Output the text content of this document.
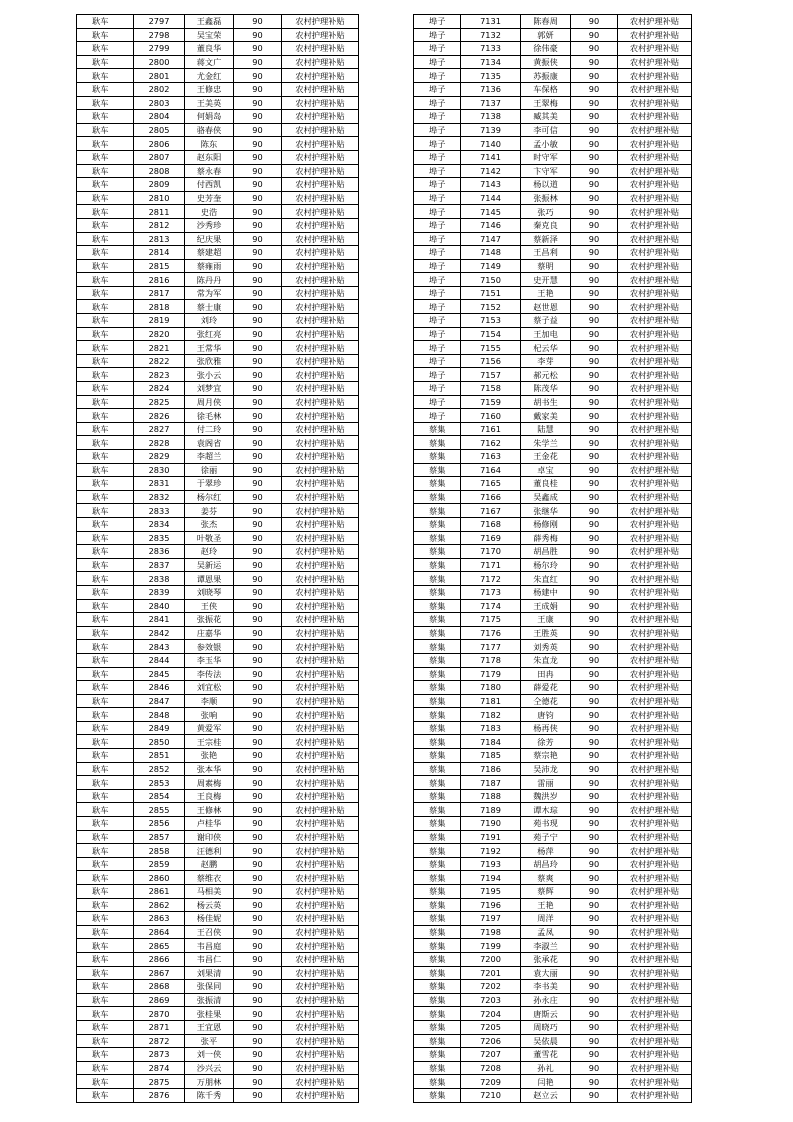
耿车	2797	王鑫磊	90	农村护理补贴
耿车	2798	吴宝荣	90	农村护理补贴
耿车	2799	董良华	90	农村护理补贴
耿车	2800	蒋文广	90	农村护理补贴
耿车	2801	尤金红	90	农村护理补贴
耿车	2802	王修忠	90	农村护理补贴
耿车	2803	王美英	90	农村护理补贴
耿车	2804	何娟岛	90	农村护理补贴
耿车	2805	骆春侠	90	农村护理补贴
耿车	2806	陈东	90	农村护理补贴
耿车	2807	赵东阳	90	农村护理补贴
耿车	2808	蔡永春	90	农村护理补贴
耿车	2809	付西凯	90	农村护理补贴
耿车	2810	史芳奎	90	农村护理补贴
耿车	2811	史浩	90	农村护理补贴
耿车	2812	沙秀珍	90	农村护理补贴
耿车	2813	纪庆果	90	农村护理补贴
耿车	2814	蔡建超	90	农村护理补贴
耿车	2815	蔡雍雨	90	农村护理补贴
耿车	2816	陈丹丹	90	农村护理补贴
耿车	2817	常为军	90	农村护理补贴
耿车	2818	蔡士康	90	农村护理补贴
耿车	2819	刘玲	90	农村护理补贴
耿车	2820	张红亮	90	农村护理补贴
耿车	2821	王常华	90	农村护理补贴
耿车	2822	张欣雅	90	农村护理补贴
耿车	2823	张小云	90	农村护理补贴
耿车	2824	刘梦宜	90	农村护理补贴
耿车	2825	周月侠	90	农村护理补贴
耿车	2826	徐毛林	90	农村护理补贴
耿车	2827	付二玲	90	农村护理补贴
耿车	2828	袁阁省	90	农村护理补贴
耿车	2829	李超兰	90	农村护理补贴
耿车	2830	徐丽	90	农村护理补贴
耿车	2831	于翠珍	90	农村护理补贴
耿车	2832	杨尔红	90	农村护理补贴
耿车	2833	姜芬	90	农村护理补贴
耿车	2834	张杰	90	农村护理补贴
耿车	2835	叶敬圣	90	农村护理补贴
耿车	2836	赵玲	90	农村护理补贴
耿车	2837	吴新运	90	农村护理补贴
耿车	2838	谭恩果	90	农村护理补贴
耿车	2839	刘晓琴	90	农村护理补贴
耿车	2840	王侠	90	农村护理补贴
耿车	2841	张振花	90	农村护理补贴
耿车	2842	庄嘉华	90	农村护理补贴
耿车	2843	参效银	90	农村护理补贴
耿车	2844	李玉华	90	农村护理补贴
耿车	2845	李传法	90	农村护理补贴
耿车	2846	刘宜松	90	农村护理补贴
耿车	2847	李顺	90	农村护理补贴
耿车	2848	张响	90	农村护理补贴
耿车	2849	黄爱军	90	农村护理补贴
耿车	2850	王宗桂	90	农村护理补贴
耿车	2851	张艳	90	农村护理补贴
耿车	2852	张本华	90	农村护理补贴
耿车	2853	周素梅	90	农村护理补贴
耿车	2854	王良梅	90	农村护理补贴
耿车	2855	王修林	90	农村护理补贴
耿车	2856	卢桂华	90	农村护理补贴
耿车	2857	谢印侠	90	农村护理补贴
耿车	2858	汪德利	90	农村护理补贴
耿车	2859	赵鹏	90	农村护理补贴
耿车	2860	蔡维衣	90	农村护理补贴
耿车	2861	马相美	90	农村护理补贴
耿车	2862	杨云英	90	农村护理补贴
耿车	2863	杨佳妮	90	农村护理补贴
耿车	2864	王召侠	90	农村护理补贴
耿车	2865	韦昌庭	90	农村护理补贴
耿车	2866	韦昌仁	90	农村护理补贴
耿车	2867	刘果清	90	农村护理补贴
耿车	2868	张保同	90	农村护理补贴
耿车	2869	张振清	90	农村护理补贴
耿车	2870	张桂果	90	农村护理补贴
耿车	2871	王宜恩	90	农村护理补贴
耿车	2872	张平	90	农村护理补贴
耿车	2873	刘一侠	90	农村护理补贴
耿车	2874	沙兴云	90	农村护理补贴
耿车	2875	万朋林	90	农村护理补贴
耿车	2876	陈千秀	90	农村护理补贴
埠子	7131	陈春周	90	农村护理补贴
埠子	7132	郭妍	90	农村护理补贴
埠子	7133	徐伟豪	90	农村护理补贴
埠子	7134	黄振侠	90	农村护理补贴
埠子	7135	苏振康	90	农村护理补贴
埠子	7136	车保格	90	农村护理补贴
埠子	7137	王翠梅	90	农村护理补贴
埠子	7138	臧其美	90	农村护理补贴
埠子	7139	李可信	90	农村护理补贴
埠子	7140	孟小敏	90	农村护理补贴
埠子	7141	时守军	90	农村护理补贴
埠子	7142	卞守军	90	农村护理补贴
埠子	7143	杨以道	90	农村护理补贴
埠子	7144	张振林	90	农村护理补贴
埠子	7145	张巧	90	农村护理补贴
埠子	7146	秦克良	90	农村护理补贴
埠子	7147	蔡新泽	90	农村护理补贴
埠子	7148	王昌利	90	农村护理补贴
埠子	7149	蔡明	90	农村护理补贴
埠子	7150	史开慧	90	农村护理补贴
埠子	7151	王艳	90	农村护理补贴
埠子	7152	赵世恩	90	农村护理补贴
埠子	7153	蔡子益	90	农村护理补贴
埠子	7154	王加电	90	农村护理补贴
埠子	7155	杞云华	90	农村护理补贴
埠子	7156	李芽	90	农村护理补贴
埠子	7157	郝元松	90	农村护理补贴
埠子	7158	陈茂华	90	农村护理补贴
埠子	7159	胡书生	90	农村护理补贴
埠子	7160	戴家美	90	农村护理补贴
蔡集	7161	陆慧	90	农村护理补贴
蔡集	7162	朱学兰	90	农村护理补贴
蔡集	7163	王金花	90	农村护理补贴
蔡集	7164	卓宝	90	农村护理补贴
蔡集	7165	董良桂	90	农村护理补贴
蔡集	7166	吴鑫成	90	农村护理补贴
蔡集	7167	张继华	90	农村护理补贴
蔡集	7168	杨修刚	90	农村护理补贴
蔡集	7169	薛秀梅	90	农村护理补贴
蔡集	7170	胡昌胜	90	农村护理补贴
蔡集	7171	杨尔玲	90	农村护理补贴
蔡集	7172	朱直红	90	农村护理补贴
蔡集	7173	杨建中	90	农村护理补贴
蔡集	7174	王成娟	90	农村护理补贴
蔡集	7175	王康	90	农村护理补贴
蔡集	7176	王胜英	90	农村护理补贴
蔡集	7177	刘秀英	90	农村护理补贴
蔡集	7178	朱直龙	90	农村护理补贴
蔡集	7179	田冉	90	农村护理补贴
蔡集	7180	薛爱花	90	农村护理补贴
蔡集	7181	仝德花	90	农村护理补贴
蔡集	7182	唐钧	90	农村护理补贴
蔡集	7183	杨再侠	90	农村护理补贴
蔡集	7184	徐芳	90	农村护理补贴
蔡集	7185	蔡宗艳	90	农村护理补贴
蔡集	7186	吴沛龙	90	农村护理补贴
蔡集	7187	雷丽	90	农村护理补贴
蔡集	7188	魏洪岁	90	农村护理补贴
蔡集	7189	谭木琮	90	农村护理补贴
蔡集	7190	苑书现	90	农村护理补贴
蔡集	7191	苑子宁	90	农村护理补贴
蔡集	7192	杨萍	90	农村护理补贴
蔡集	7193	胡昌玲	90	农村护理补贴
蔡集	7194	蔡爽	90	农村护理补贴
蔡集	7195	蔡辉	90	农村护理补贴
蔡集	7196	王艳	90	农村护理补贴
蔡集	7197	周洋	90	农村护理补贴
蔡集	7198	孟凤	90	农村护理补贴
蔡集	7199	李淑兰	90	农村护理补贴
蔡集	7200	张承花	90	农村护理补贴
蔡集	7201	袁大丽	90	农村护理补贴
蔡集	7202	李书美	90	农村护理补贴
蔡集	7203	孙永庄	90	农村护理补贴
蔡集	7204	唐斯云	90	农村护理补贴
蔡集	7205	周晓巧	90	农村护理补贴
蔡集	7206	吴依晨	90	农村护理补贴
蔡集	7207	董雪花	90	农村护理补贴
蔡集	7208	孙礼	90	农村护理补贴
蔡集	7209	闫艳	90	农村护理补贴
蔡集	7210	赵立云	90	农村护理补贴
